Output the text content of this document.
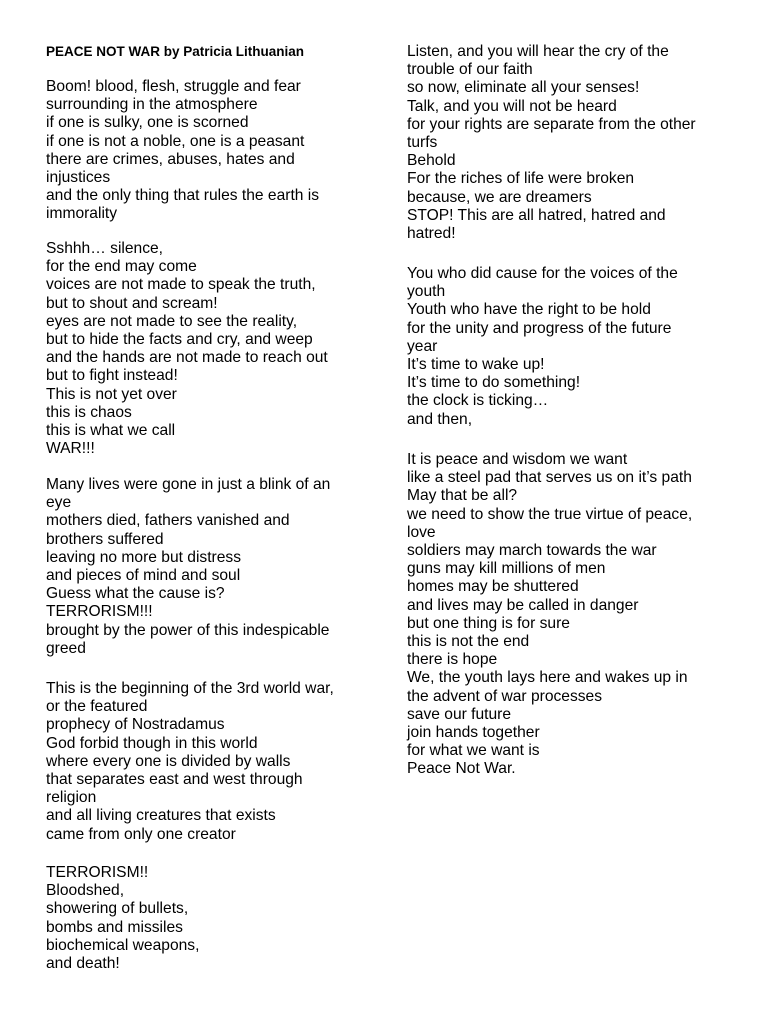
PEACE NOT WAR by Patricia Lithuanian
Boom! blood, flesh, struggle and fear
surrounding in the atmosphere
if one is sulky, one is scorned
if one is not a noble, one is a peasant
there are crimes, abuses, hates and
injustices
and the only thing that rules the earth is
immorality
Sshhh… silence,
for the end may come
voices are not made to speak the truth,
but to shout and scream!
eyes are not made to see the reality,
but to hide the facts and cry, and weep
and the hands are not made to reach out
but to fight instead!
This is not yet over
this is chaos
this is what we call
WAR!!!
Many lives were gone in just a blink of an
eye
mothers died, fathers vanished and
brothers suffered
leaving no more but distress
and pieces of mind and soul
Guess what the cause is?
TERRORISM!!!
brought by the power of this indespicable
greed
This is the beginning of the 3rd world war,
or the featured
prophecy of Nostradamus
God forbid though in this world
where every one is divided by walls
that separates east and west through
religion
and all living creatures that exists
came from only one creator
TERRORISM!!
Bloodshed,
showering of bullets,
bombs and missiles
biochemical weapons,
and death!
Listen, and you will hear the cry of the
trouble of our faith
so now, eliminate all your senses!
Talk, and you will not be heard
for your rights are separate from the other
turfs
Behold
For the riches of life were broken
because, we are dreamers
STOP! This are all hatred, hatred and
hatred!
You who did cause for the voices of the
youth
Youth who have the right to be hold
for the unity and progress of the future
year
It’s time to wake up!
It’s time to do something!
the clock is ticking…
and then,
It is peace and wisdom we want
like a steel pad that serves us on it’s path
May that be all?
we need to show the true virtue of peace,
love
soldiers may march towards the war
guns may kill millions of men
homes may be shuttered
and lives may be called in danger
but one thing is for sure
this is not the end
there is hope
We, the youth lays here and wakes up in
the advent of war processes
save our future
join hands together
for what we want is
Peace Not War.
